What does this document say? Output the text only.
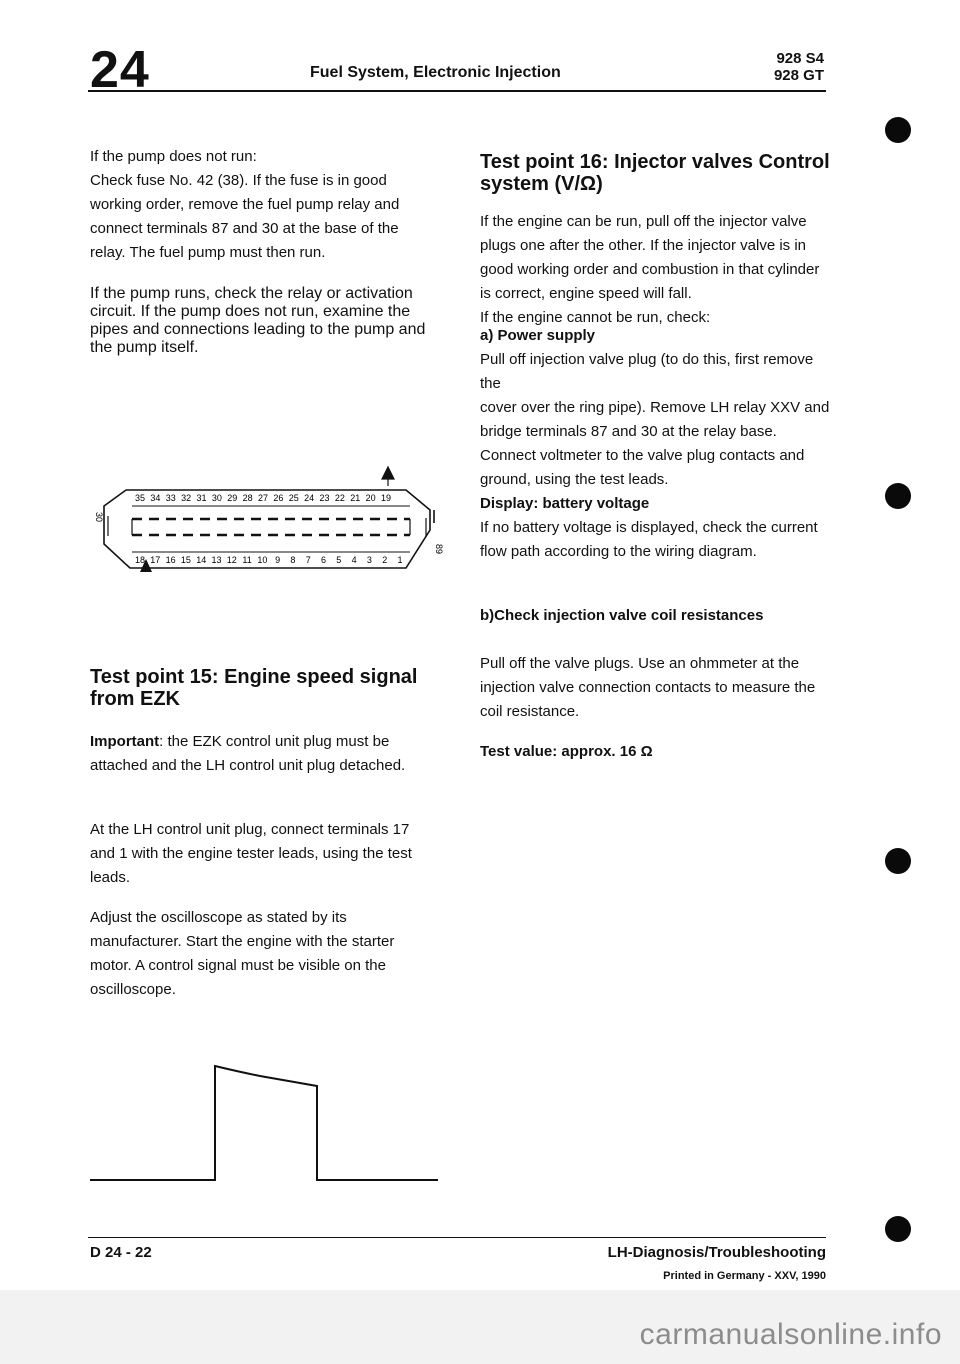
24	Fuel System, Electronic Injection
928 S4
928 GT

If the pump does not run:

Check fuse No. 42 (38). If the fuse is in good working order, remove the fuel pump relay and connect terminals 87 and 30 at the base of the relay. The fuel pump must then run.

If the pump runs, check the relay or activation circuit. If the pump does not run, examine the pipes and connections leading to the pump and the pump itself.
35 34 33 32 31 30 29 28 27 26 25 24 23 22 21 20 19
18 17 16 15 14 13 12 11 10 9 8 7 6 5 4 3 2 1
30
89
Test point 15: Engine speed signal from EZK
Important: the EZK control unit plug must be attached and the LH control unit plug detached.
At the LH control unit plug, connect terminals 17 and 1 with the engine tester leads, using the test leads.
Adjust the oscilloscope as stated by its manufacturer. Start the engine with the starter motor. A control signal must be visible on the oscilloscope.
Test point 16: Injector valves Control system (V/Ω)
If the engine can be run, pull off the injector valve plugs one after the other. If the injector valve is in good working order and combustion in that cylinder is correct, engine speed will fall.
If the engine cannot be run, check:
a) Power supply
Pull off injection valve plug (to do this, first remove the
cover over the ring pipe). Remove LH relay XXV and bridge terminals 87 and 30 at the relay base. Connect voltmeter to the valve plug contacts and ground, using the test leads.
Display: battery voltage
If no battery voltage is displayed, check the current flow path according to the wiring diagram.
b)Check injection valve coil resistances
Pull off the valve plugs. Use an ohmmeter at the injection valve connection contacts to measure the coil resistance.
Test value: approx. 16 Ω
D 24 - 22	LH-Diagnosis/Troubleshooting
Printed in Germany - XXV, 1990
carmanualsonline.info
